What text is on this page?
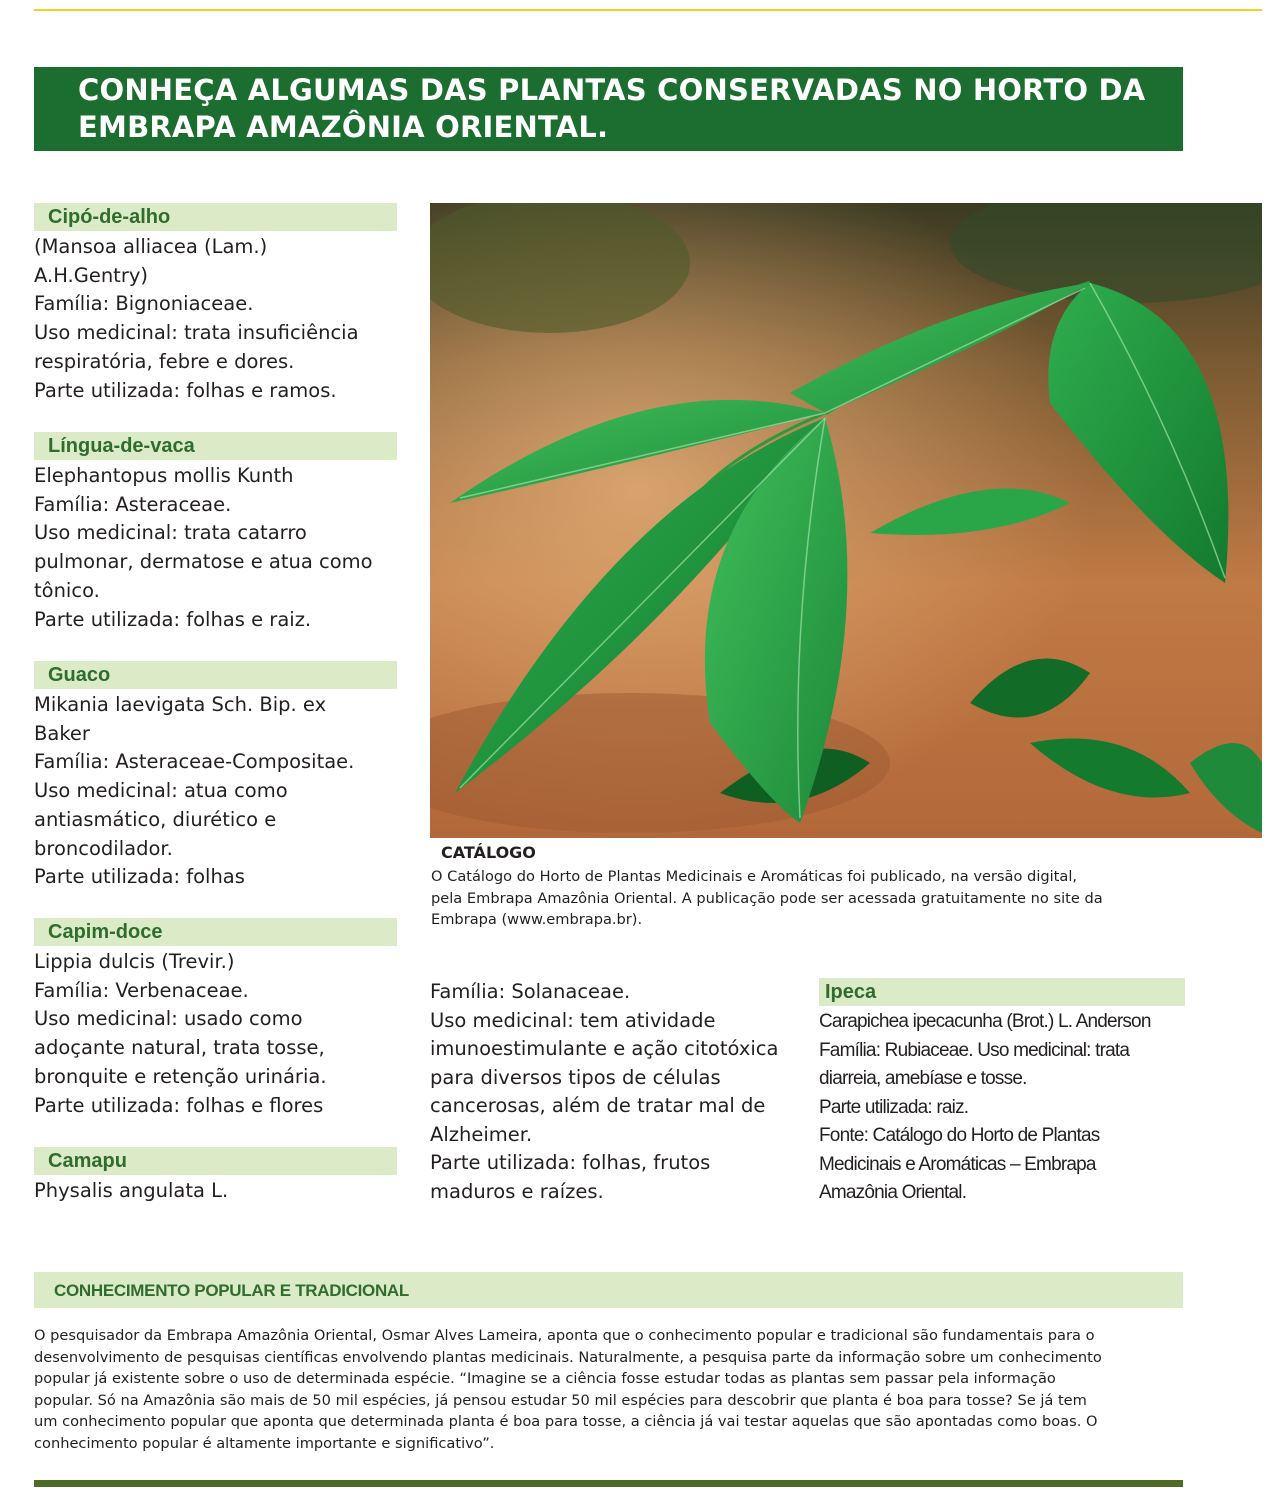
CONHEÇA ALGUMAS DAS PLANTAS CONSERVADAS NO HORTO DA
EMBRAPA AMAZÔNIA ORIENTAL.
Cipó-de-alho
(Mansoa alliacea (Lam.)
A.H.Gentry)
Família: Bignoniaceae.
Uso medicinal: trata insuficiência
respiratória, febre e dores.
Parte utilizada: folhas e ramos.
Língua-de-vaca
Elephantopus mollis Kunth
Família: Asteraceae.
Uso medicinal: trata catarro
pulmonar, dermatose e atua como
tônico.
Parte utilizada: folhas e raiz.
Guaco
Mikania laevigata Sch. Bip. ex
Baker
Família: Asteraceae-Compositae.
Uso medicinal: atua como
antiasmático, diurético e
broncodilador.
Parte utilizada: folhas
Capim-doce
Lippia dulcis (Trevir.)
Família: Verbenaceae.
Uso medicinal: usado como
adoçante natural, trata tosse,
bronquite e retenção urinária.
Parte utilizada: folhas e flores
Camapu
Physalis angulata L.
CATÁLOGO
O Catálogo do Horto de Plantas Medicinais e Aromáticas foi publicado, na versão digital,
pela Embrapa Amazônia Oriental. A publicação pode ser acessada gratuitamente no site da
Embrapa (www.embrapa.br).
Família: Solanaceae.
Uso medicinal: tem atividade
imunoestimulante e ação citotóxica
para diversos tipos de células
cancerosas, além de tratar mal de
Alzheimer.
Parte utilizada: folhas, frutos
maduros e raízes.
Ipeca
Carapichea ipecacunha (Brot.) L. Anderson
Família: Rubiaceae. Uso medicinal: trata
diarreia, amebíase e tosse.
Parte utilizada: raiz.
Fonte: Catálogo do Horto de Plantas
Medicinais e Aromáticas – Embrapa
Amazônia Oriental.
CONHECIMENTO POPULAR E TRADICIONAL
O pesquisador da Embrapa Amazônia Oriental, Osmar Alves Lameira, aponta que o conhecimento popular e tradicional são fundamentais para o
desenvolvimento de pesquisas científicas envolvendo plantas medicinais. Naturalmente, a pesquisa parte da informação sobre um conhecimento
popular já existente sobre o uso de determinada espécie. “Imagine se a ciência fosse estudar todas as plantas sem passar pela informação
popular. Só na Amazônia são mais de 50 mil espécies, já pensou estudar 50 mil espécies para descobrir que planta é boa para tosse? Se já tem
um conhecimento popular que aponta que determinada planta é boa para tosse, a ciência já vai testar aquelas que são apontadas como boas. O
conhecimento popular é altamente importante e significativo”.
